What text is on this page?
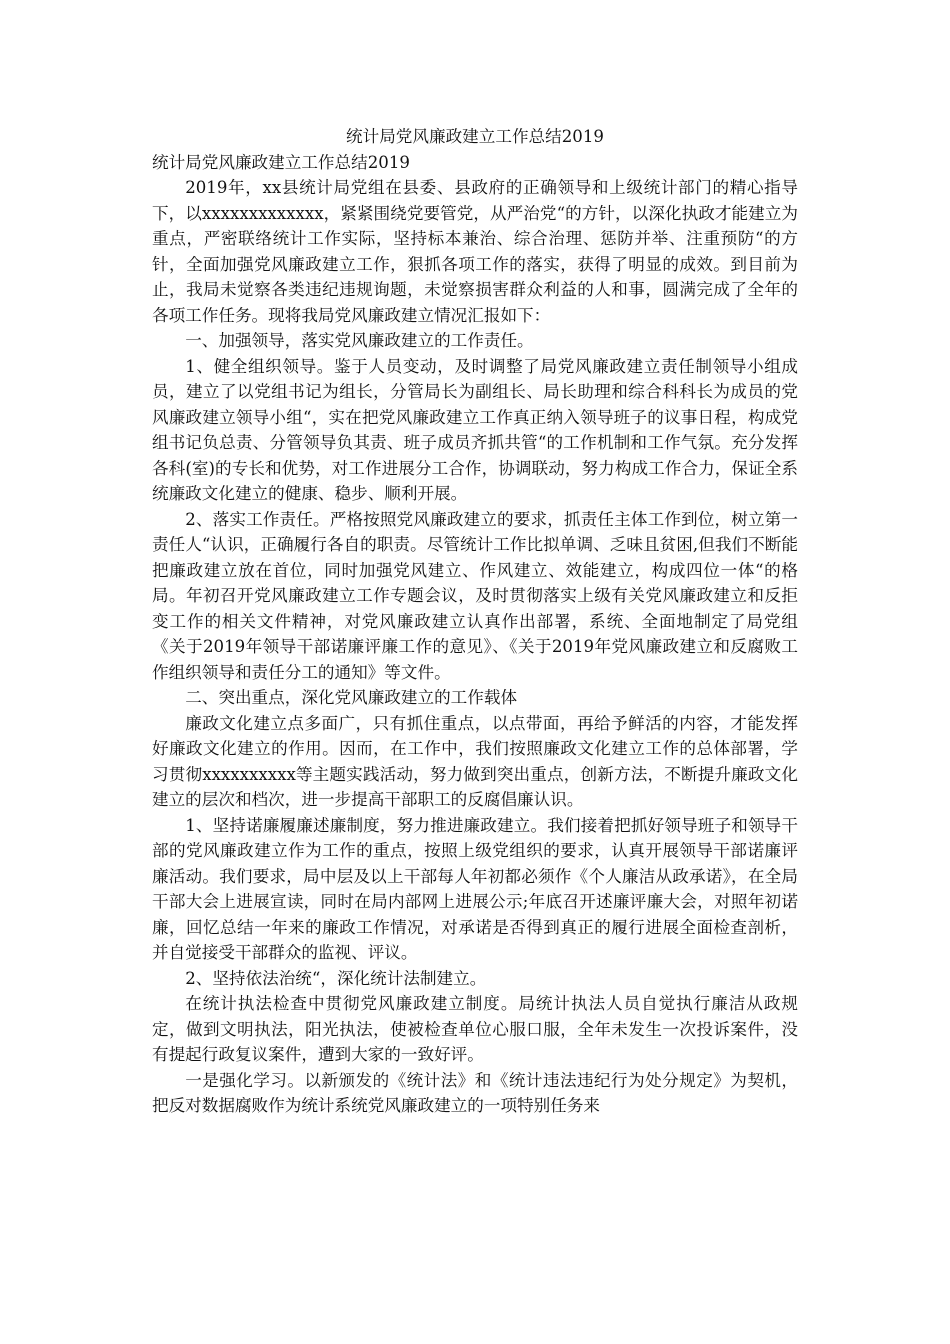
统计局党风廉政建立工作总结2019

统计局党风廉政建立工作总结2019

2019年，xx县统计局党组在县委、县政府的正确领导和上级统计部门的精心指导下，以xxxxxxxxxxxxx，紧紧围绕党要管党，从严治党“的方针，以深化执政才能建立为重点，严密联络统计工作实际，坚持标本兼治、综合治理、惩防并举、注重预防“的方针，全面加强党风廉政建立工作，狠抓各项工作的落实，获得了明显的成效。到目前为止，我局未觉察各类违纪违规询题，未觉察损害群众利益的人和事，圆满完成了全年的各项工作任务。现将我局党风廉政建立情况汇报如下：

一、加强领导，落实党风廉政建立的工作责任。

1、健全组织领导。鉴于人员变动，及时调整了局党风廉政建立责任制领导小组成员，建立了以党组书记为组长，分管局长为副组长、局长助理和综合科科长为成员的党风廉政建立领导小组“，实在把党风廉政建立工作真正纳入领导班子的议事日程，构成党组书记负总责、分管领导负其责、班子成员齐抓共管“的工作机制和工作气氛。充分发挥各科(室)的专长和优势，对工作进展分工合作，协调联动，努力构成工作合力，保证全系统廉政文化建立的健康、稳步、顺利开展。

2、落实工作责任。严格按照党风廉政建立的要求，抓责任主体工作到位，树立第一责任人“认识，正确履行各自的职责。尽管统计工作比拟单调、乏味且贫困,但我们不断能把廉政建立放在首位，同时加强党风建立、作风建立、效能建立，构成四位一体“的格局。年初召开党风廉政建立工作专题会议，及时贯彻落实上级有关党风廉政建立和反拒变工作的相关文件精神，对党风廉政建立认真作出部署，系统、全面地制定了局党组《关于2019年领导干部诺廉评廉工作的意见》、《关于2019年党风廉政建立和反腐败工作组织领导和责任分工的通知》等文件。

二、突出重点，深化党风廉政建立的工作载体

廉政文化建立点多面广，只有抓住重点，以点带面，再给予鲜活的内容，才能发挥好廉政文化建立的作用。因而，在工作中，我们按照廉政文化建立工作的总体部署，学习贯彻xxxxxxxxxx等主题实践活动，努力做到突出重点，创新方法，不断提升廉政文化建立的层次和档次，进一步提高干部职工的反腐倡廉认识。

1、坚持诺廉履廉述廉制度，努力推进廉政建立。我们接着把抓好领导班子和领导干部的党风廉政建立作为工作的重点，按照上级党组织的要求，认真开展领导干部诺廉评廉活动。我们要求，局中层及以上干部每人年初都必须作《个人廉洁从政承诺》，在全局干部大会上进展宣读，同时在局内部网上进展公示;年底召开述廉评廉大会，对照年初诺廉，回忆总结一年来的廉政工作情况，对承诺是否得到真正的履行进展全面检查剖析，并自觉接受干部群众的监视、评议。

2、坚持依法治统“，深化统计法制建立。

在统计执法检查中贯彻党风廉政建立制度。局统计执法人员自觉执行廉洁从政规定，做到文明执法，阳光执法，使被检查单位心服口服，全年未发生一次投诉案件，没有提起行政复议案件，遭到大家的一致好评。

一是强化学习。以新颁发的《统计法》和《统计违法违纪行为处分规定》为契机，把反对数据腐败作为统计系统党风廉政建立的一项特别任务来
